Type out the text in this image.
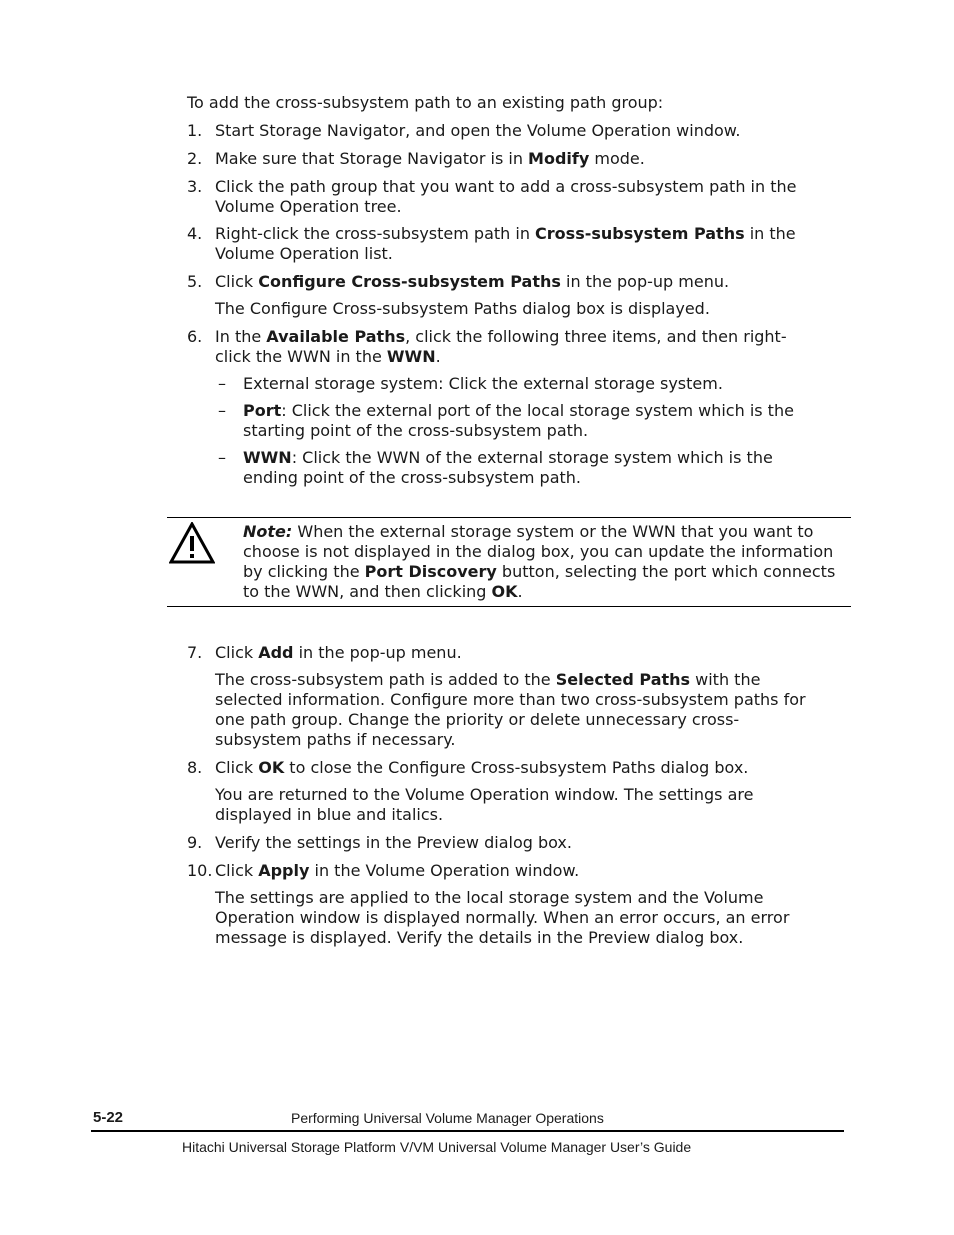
To add the cross-subsystem path to an existing path group:
1. Start Storage Navigator, and open the Volume Operation window.
2. Make sure that Storage Navigator is in Modify mode.
3. Click the path group that you want to add a cross-subsystem path in the
Volume Operation tree.
4. Right-click the cross-subsystem path in Cross-subsystem Paths in the
Volume Operation list.
5. Click Configure Cross-subsystem Paths in the pop-up menu.
The Configure Cross-subsystem Paths dialog box is displayed.
6. In the Available Paths, click the following three items, and then right-
click the WWN in the WWN.
– External storage system: Click the external storage system.
– Port: Click the external port of the local storage system which is the
starting point of the cross-subsystem path.
– WWN: Click the WWN of the external storage system which is the
ending point of the cross-subsystem path.
Note: When the external storage system or the WWN that you want to
choose is not displayed in the dialog box, you can update the information
by clicking the Port Discovery button, selecting the port which connects
to the WWN, and then clicking OK.
7. Click Add in the pop-up menu.
The cross-subsystem path is added to the Selected Paths with the
selected information. Configure more than two cross-subsystem paths for
one path group. Change the priority or delete unnecessary cross-
subsystem paths if necessary.
8. Click OK to close the Configure Cross-subsystem Paths dialog box.
You are returned to the Volume Operation window. The settings are
displayed in blue and italics.
9. Verify the settings in the Preview dialog box.
10. Click Apply in the Volume Operation window.
The settings are applied to the local storage system and the Volume
Operation window is displayed normally. When an error occurs, an error
message is displayed. Verify the details in the Preview dialog box.
5-22	Performing Universal Volume Manager Operations
Hitachi Universal Storage Platform V/VM Universal Volume Manager User’s Guide
